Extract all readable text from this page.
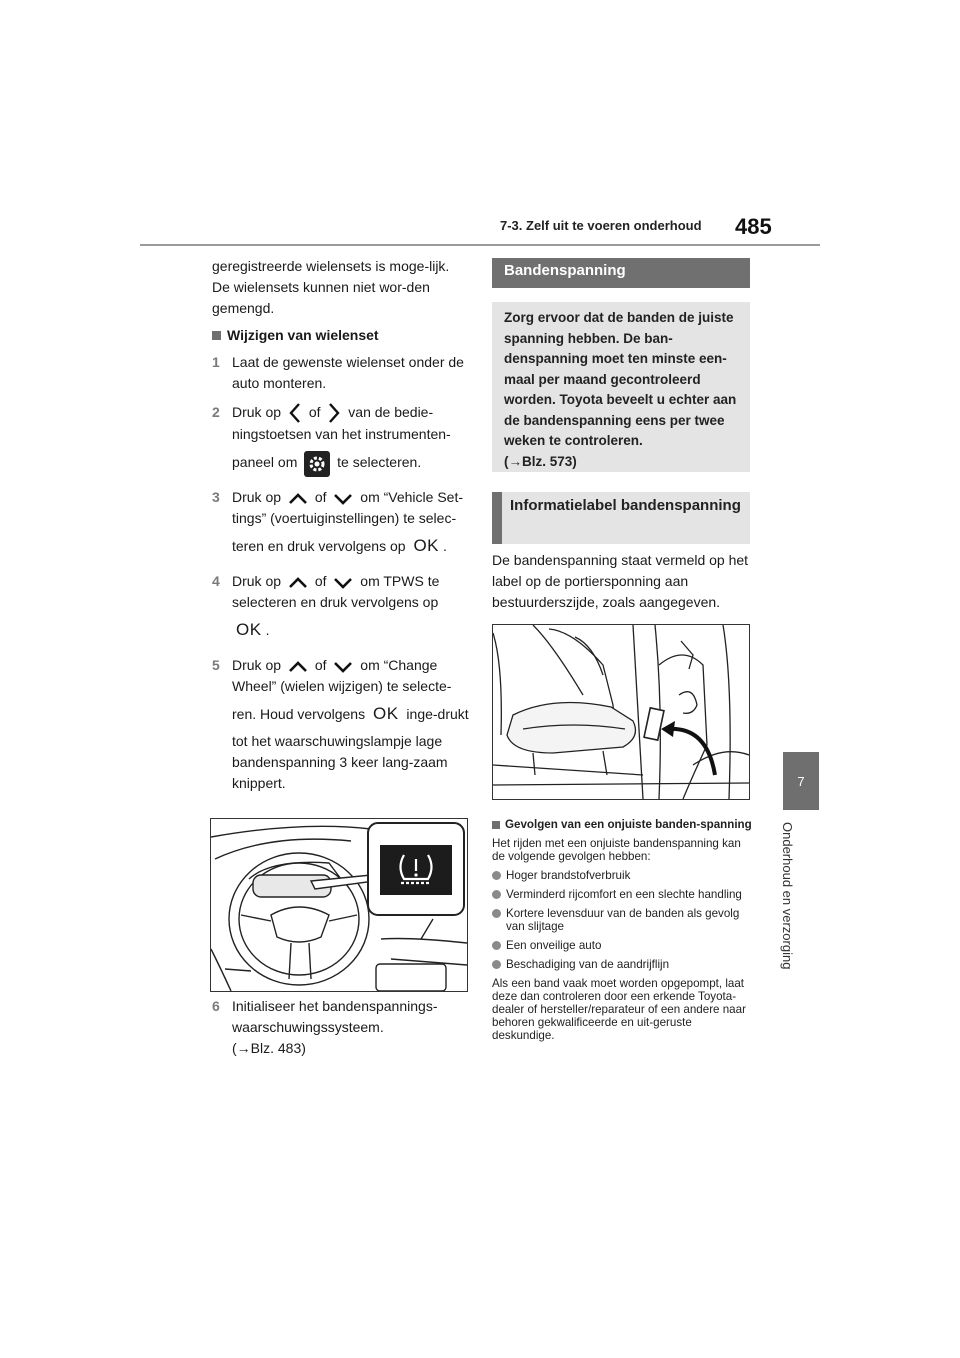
7-3. Zelf uit te voeren onderhoud 485
7
Onderhoud en verzorging

geregistreerde wielensets is moge-lijk. De wielensets kunnen niet wor-den gemengd.

Wijzigen van wielenset
1 Laat de gewenste wielenset onder de auto monteren.
2 Druk op of van de bedie-ningstoetsen van het instrumenten-
paneel om	te selecteren.
3 Druk op of om “Vehicle Set-tings” (voertuiginstellingen) te selec-
teren en druk vervolgens op OK .
4 Druk op of om TPWS te selecteren en druk vervolgens op
OK .
5 Druk op of om “Change Wheel” (wielen wijzigen) te selecte-
ren. Houd vervolgens OK inge-drukt tot het waarschuwingslampje lage bandenspanning 3 keer lang-zaam knippert.
6 Initialiseer het bandenspannings-waarschuwingssysteem.
(→Blz. 483)
Bandenspanning
Zorg ervoor dat de banden de juiste spanning hebben. De ban-denspanning moet ten minste een-maal per maand gecontroleerd worden. Toyota beveelt u echter aan de bandenspanning eens per twee weken te controleren.
(→Blz. 573)
Informatielabel bandenspanning
De bandenspanning staat vermeld op het label op de portiersponning aan bestuurderszijde, zoals aangegeven.
Gevolgen van een onjuiste banden-spanning

Het rijden met een onjuiste bandenspanning kan de volgende gevolgen hebben:

Hoger brandstofverbruik
Verminderd rijcomfort en een slechte handling
Kortere levensduur van de banden als gevolg van slijtage
Een onveilige auto
Beschadiging van de aandrijflijn

Als een band vaak moet worden opgepompt, laat deze dan controleren door een erkende Toyota-dealer of hersteller/reparateur of een andere naar behoren gekwalificeerde en uit-geruste deskundige.
